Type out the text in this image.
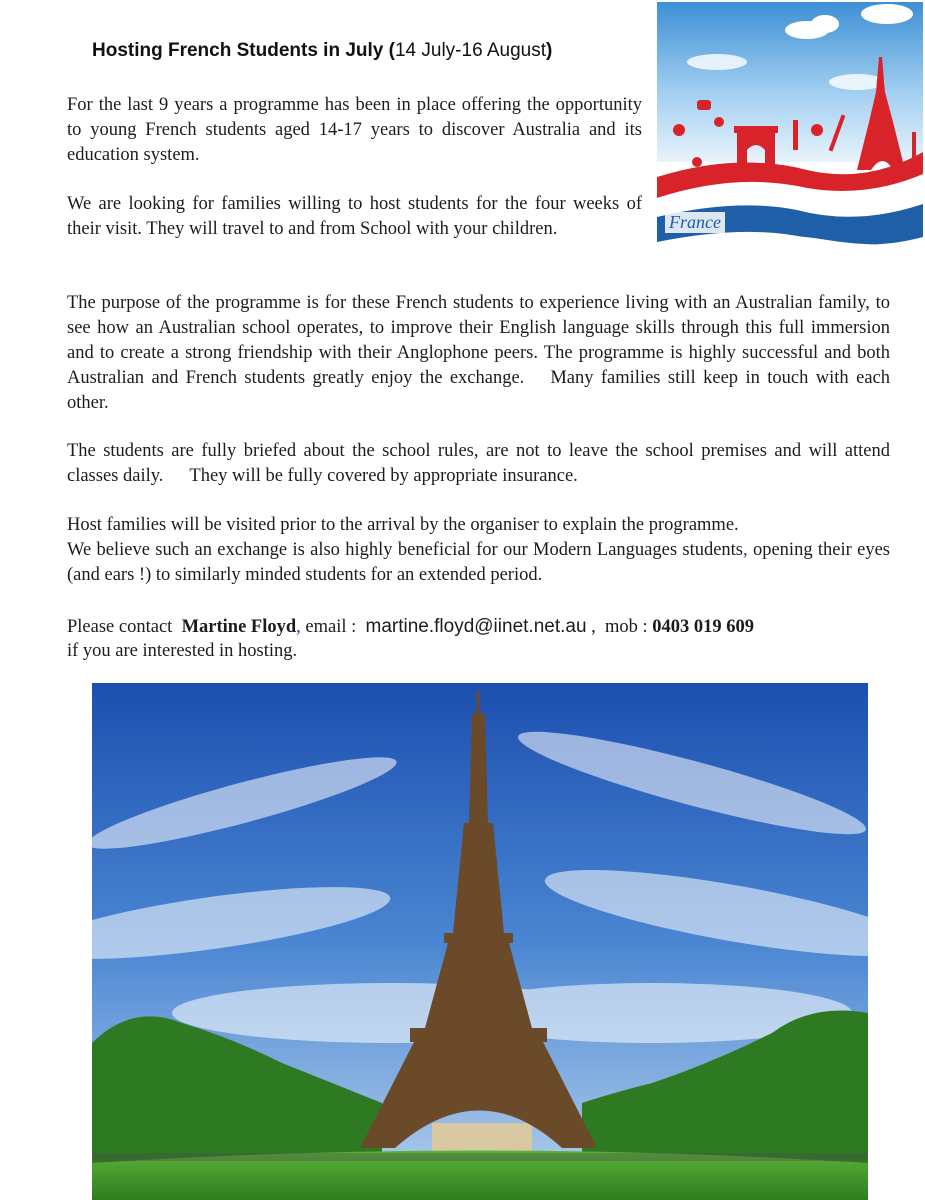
Hosting French Students in July (14 July-16 August)

For the last 9 years a programme has been in place offering the opportunity to young French students aged 14-17 years to discover Australia and its education system.

We are looking for families willing to host students for the four weeks of their visit. They will travel to and from School with your children.

The purpose of the programme is for these French students to experience living with an Australian family, to see how an Australian school operates, to improve their English language skills through this full immersion and to create a strong friendship with their Anglophone peers. The programme is highly successful and both Australian and French students greatly enjoy the exchange. Many families still keep in touch with each other.

The students are fully briefed about the school rules, are not to leave the school premises and will attend classes daily. They will be fully covered by appropriate insurance.

Host families will be visited prior to the arrival by the organiser to explain the programme.

We believe such an exchange is also highly beneficial for our Modern Languages students, opening their eyes (and ears !) to similarly minded students for an extended period.

Please contact Martine Floyd, email : martine.floyd@iinet.net.au , mob : 0403 019 609
if you are interested in hosting.
France
